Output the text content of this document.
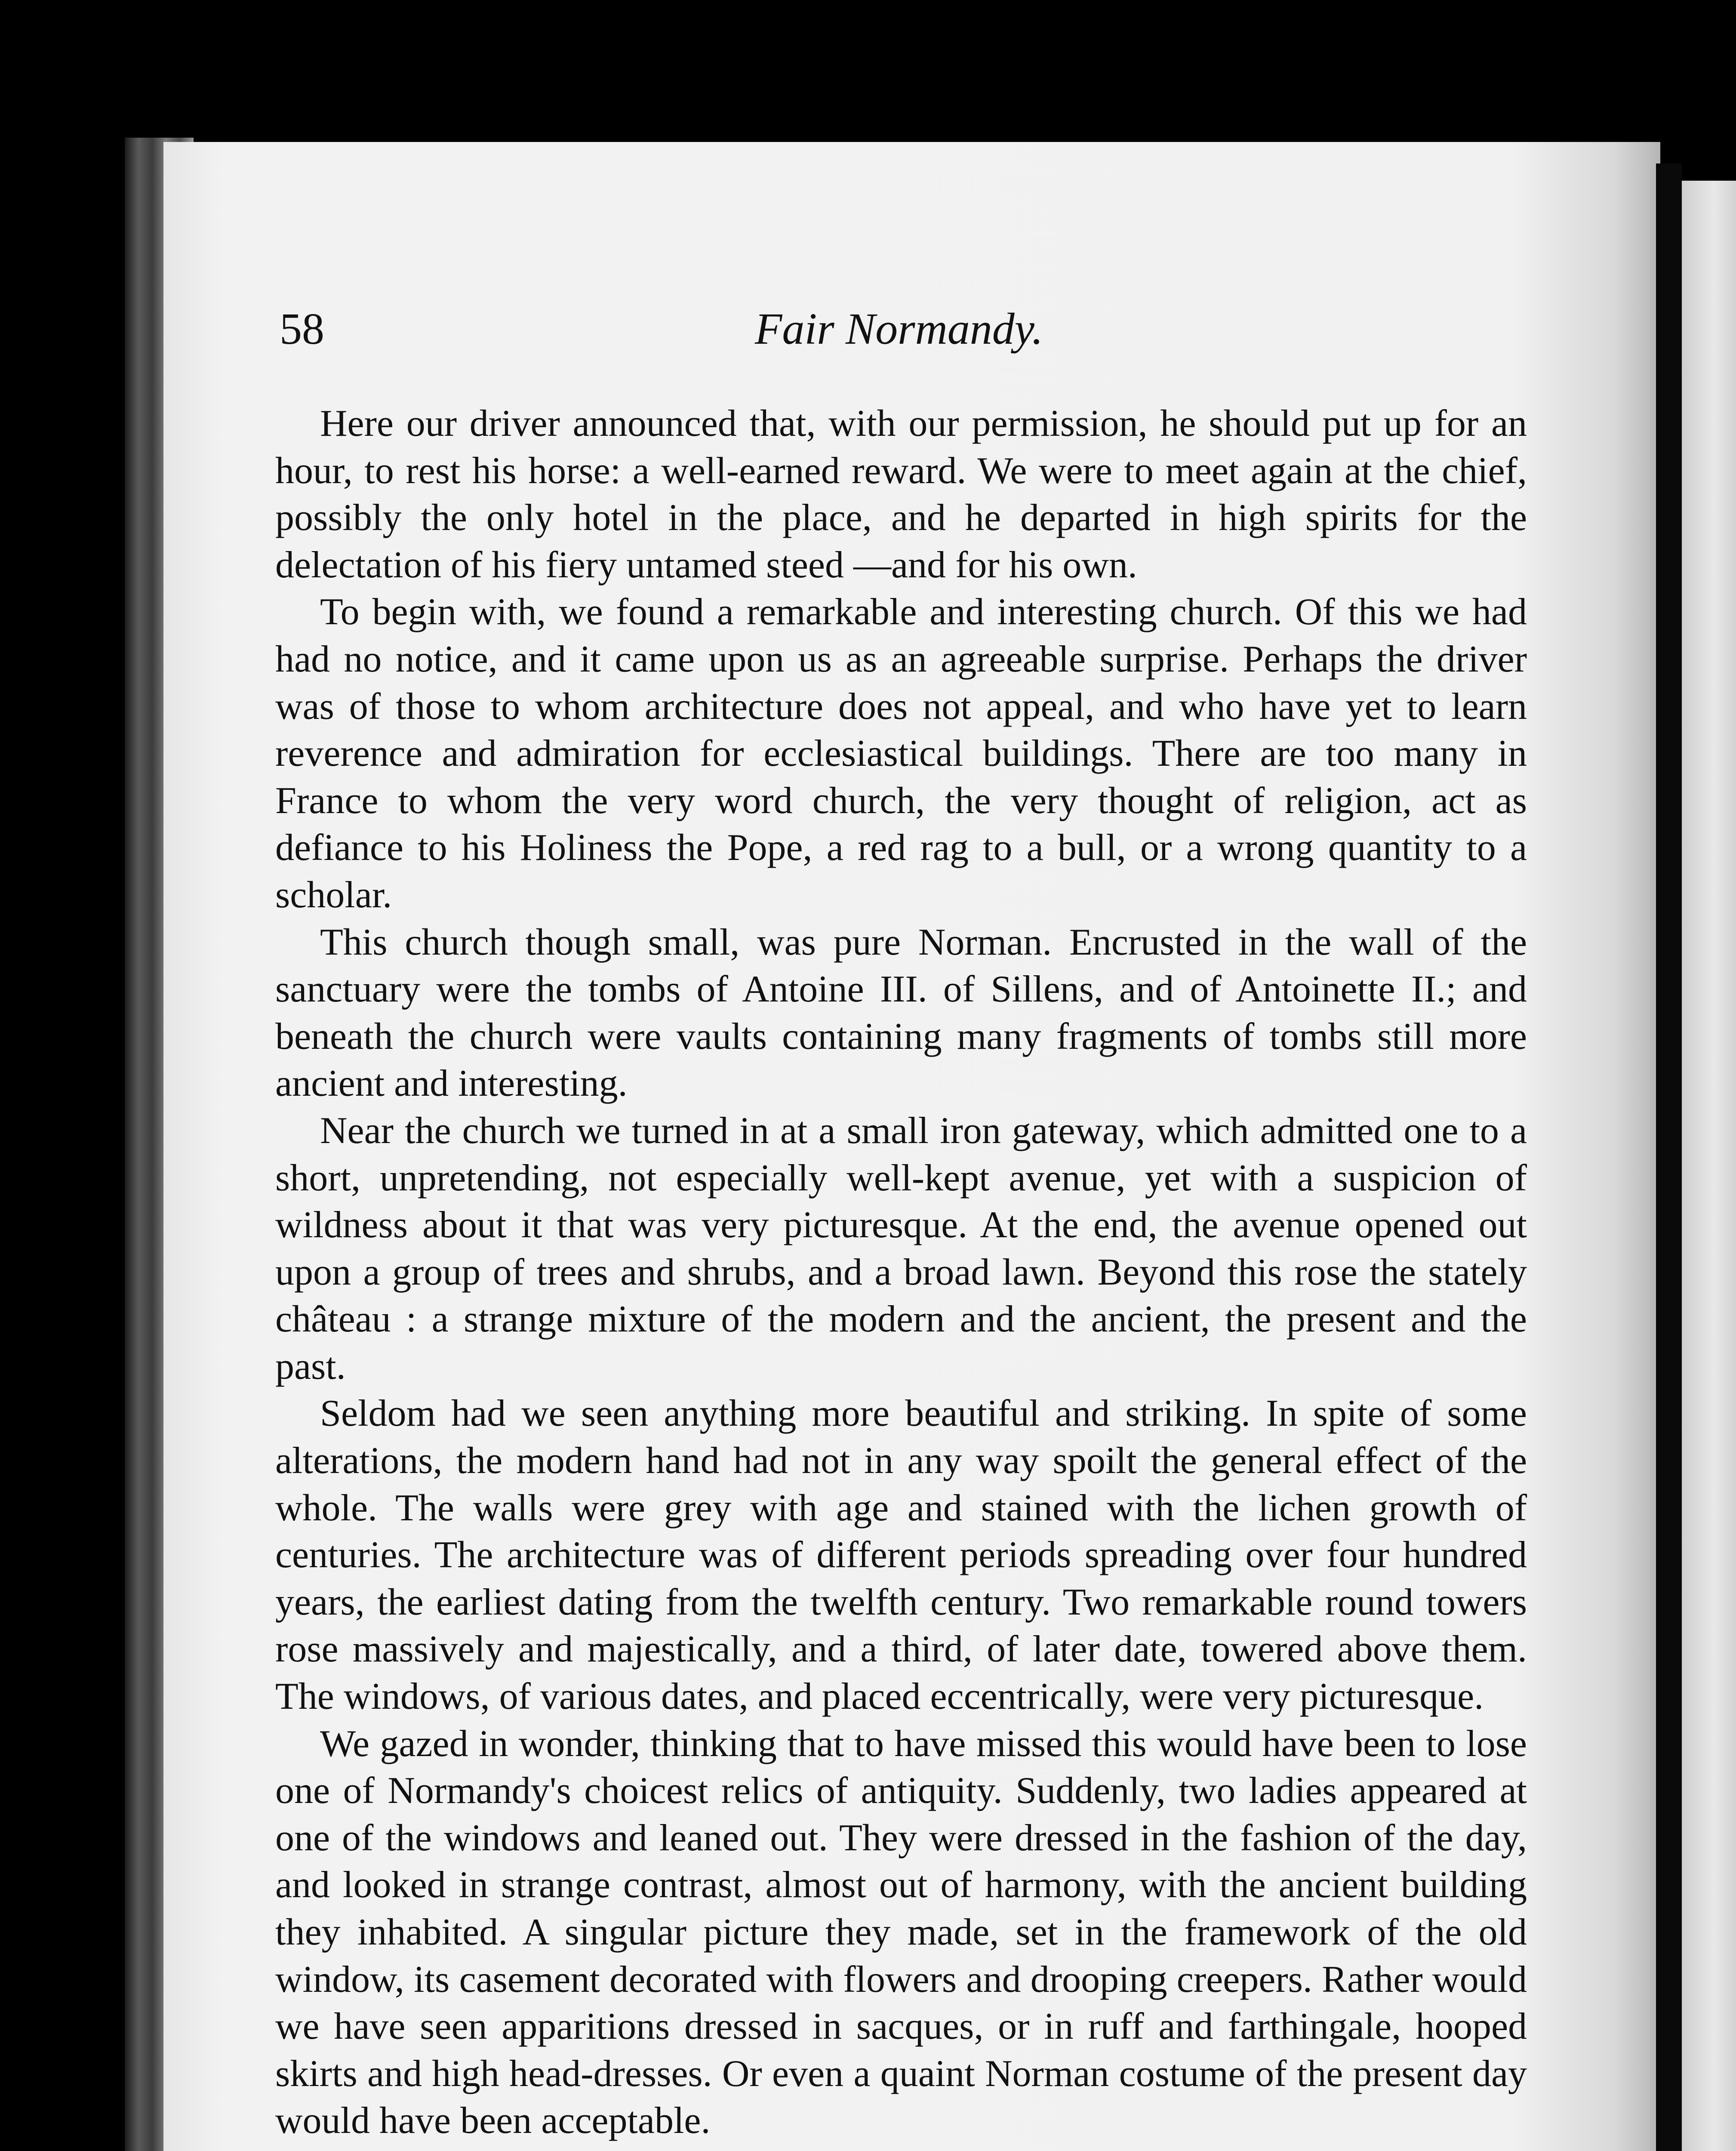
58	Fair Normandy.

Here our driver announced that, with our permission, he should put up for an hour, to rest his horse: a well-earned reward. We were to meet again at the chief, possibly the only hotel in the place, and he departed in high spirits for the delectation of his fiery untamed steed —and for his own.

To begin with, we found a remarkable and interesting church. Of this we had had no notice, and it came upon us as an agreeable surprise. Perhaps the driver was of those to whom architecture does not appeal, and who have yet to learn reverence and admiration for ecclesiastical buildings. There are too many in France to whom the very word church, the very thought of religion, act as defiance to his Holiness the Pope, a red rag to a bull, or a wrong quantity to a scholar.

This church though small, was pure Norman. Encrusted in the wall of the sanctuary were the tombs of Antoine III. of Sillens, and of Antoinette II.; and beneath the church were vaults containing many fragments of tombs still more ancient and interesting.

Near the church we turned in at a small iron gateway, which admitted one to a short, unpretending, not especially well-kept avenue, yet with a suspicion of wildness about it that was very picturesque. At the end, the avenue opened out upon a group of trees and shrubs, and a broad lawn. Beyond this rose the stately château : a strange mixture of the modern and the ancient, the present and the past.

Seldom had we seen anything more beautiful and striking. In spite of some alterations, the modern hand had not in any way spoilt the general effect of the whole. The walls were grey with age and stained with the lichen growth of centuries. The architecture was of different periods spreading over four hundred years, the earliest dating from the twelfth century. Two remarkable round towers rose massively and majestically, and a third, of later date, towered above them. The windows, of various dates, and placed eccentrically, were very picturesque.

We gazed in wonder, thinking that to have missed this would have been to lose one of Normandy's choicest relics of antiquity. Suddenly, two ladies appeared at one of the windows and leaned out. They were dressed in the fashion of the day, and looked in strange contrast, almost out of harmony, with the ancient building they inhabited. A singular picture they made, set in the framework of the old window, its casement decorated with flowers and drooping creepers. Rather would we have seen apparitions dressed in sacques, or in ruff and farthingale, hooped skirts and high head-dresses. Or even a quaint Norman costume of the present day would have been acceptable.
